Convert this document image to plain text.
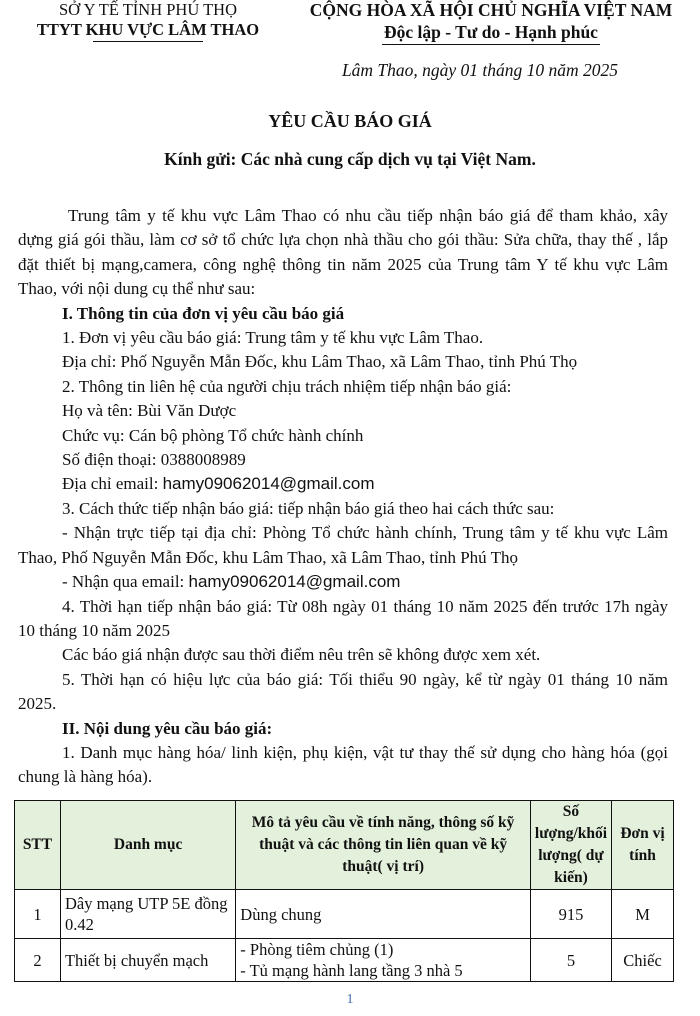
SỞ Y TẾ TỈNH PHÚ THỌ
TTYT KHU VỰC LÂM THAO
CỘNG HÒA XÃ HỘI CHỦ NGHĨA VIỆT NAM
Độc lập - Tư do - Hạnh phúc
Lâm Thao, ngày 01 tháng 10 năm 2025
YÊU CẦU BÁO GIÁ
Kính gửi: Các nhà cung cấp dịch vụ tại Việt Nam.

Trung tâm y tế khu vực Lâm Thao có nhu cầu tiếp nhận báo giá để tham khảo, xây dựng giá gói thầu, làm cơ sở tổ chức lựa chọn nhà thầu cho gói thầu: Sửa chữa, thay thế , lắp đặt thiết bị mạng,camera, công nghệ thông tin năm 2025 của Trung tâm Y tế khu vực Lâm Thao, với nội dung cụ thể như sau:

I. Thông tin của đơn vị yêu cầu báo giá

1. Đơn vị yêu cầu báo giá: Trung tâm y tế khu vực Lâm Thao.

Địa chỉ: Phố Nguyễn Mẫn Đốc, khu Lâm Thao, xã Lâm Thao, tỉnh Phú Thọ

2. Thông tin liên hệ của người chịu trách nhiệm tiếp nhận báo giá:

Họ và tên: Bùi Văn Dược

Chức vụ: Cán bộ phòng Tổ chức hành chính

Số điện thoại: 0388008989

Địa chỉ email: hamy09062014@gmail.com

3. Cách thức tiếp nhận báo giá: tiếp nhận báo giá theo hai cách thức sau:

- Nhận trực tiếp tại địa chỉ: Phòng Tổ chức hành chính, Trung tâm y tế khu vực Lâm Thao, Phố Nguyễn Mẫn Đốc, khu Lâm Thao, xã Lâm Thao, tỉnh Phú Thọ

- Nhận qua email: hamy09062014@gmail.com

4. Thời hạn tiếp nhận báo giá: Từ 08h ngày 01 tháng 10 năm 2025 đến trước 17h ngày 10 tháng 10 năm 2025

Các báo giá nhận được sau thời điểm nêu trên sẽ không được xem xét.

5. Thời hạn có hiệu lực của báo giá: Tối thiểu 90 ngày, kể từ ngày 01 tháng 10 năm 2025.

II. Nội dung yêu cầu báo giá:

1. Danh mục hàng hóa/ linh kiện, phụ kiện, vật tư thay thế sử dụng cho hàng hóa (gọi chung là hàng hóa).

STT	Danh mục	Mô tả yêu cầu về tính năng, thông số kỹ thuật và các thông tin liên quan về kỹ thuật( vị trí)	Số lượng/khối lượng( dự kiến)	Đơn vị tính
1	Dây mạng UTP 5E đồng 0.42	Dùng chung	915	M
2	Thiết bị chuyển mạch	- Phòng tiêm chủng (1)
- Tủ mạng hành lang tầng 3 nhà 5	5	Chiếc
1
